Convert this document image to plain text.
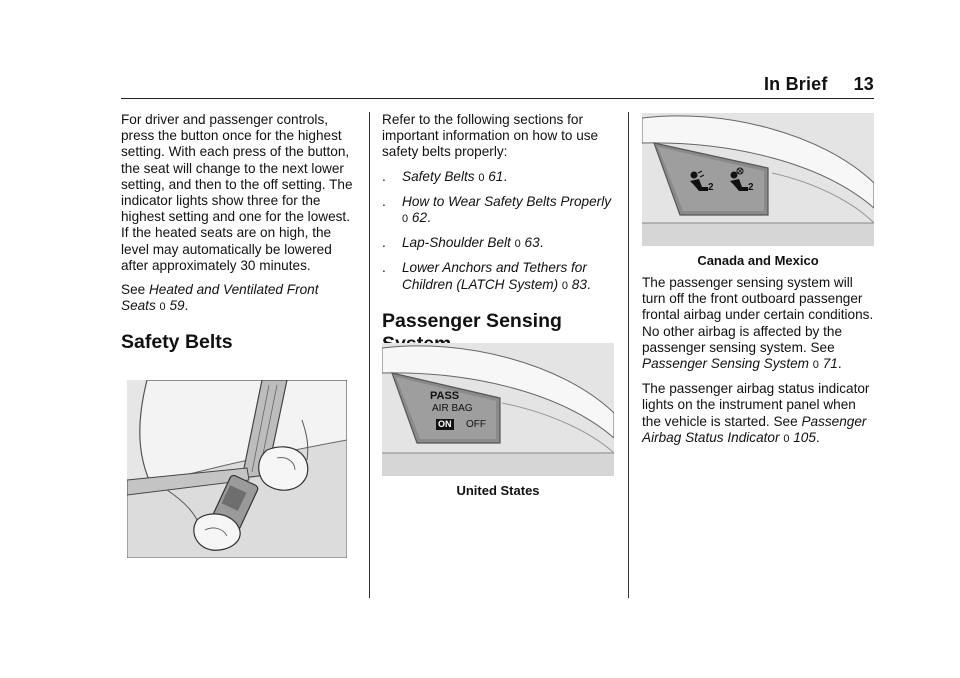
In Brief 13

For driver and passenger controls, press the button once for the highest setting. With each press of the button, the seat will change to the next lower setting, and then to the off setting. The indicator lights show three for the highest setting and one for the lowest. If the heated seats are on high, the level may automatically be lowered after approximately 30 minutes.

See Heated and Ventilated Front Seats 0 59.

Safety Belts

Refer to the following sections for important information on how to use safety belts properly:

. Safety Belts 0 61.
. How to Wear Safety Belts Properly 0 62.
. Lap-Shoulder Belt 0 63.
. Lower Anchors and Tethers for Children (LATCH System) 0 83.
Passenger Sensing
PASS
AIR BAG
ON OFF
United States
2	2
Canada and Mexico

The passenger sensing system will turn off the front outboard passenger frontal airbag under certain conditions. No other airbag is affected by the passenger sensing system. See Passenger Sensing System 0 71.

The passenger airbag status indicator lights on the instrument panel when the vehicle is started. See Passenger Airbag Status Indicator 0 105.
